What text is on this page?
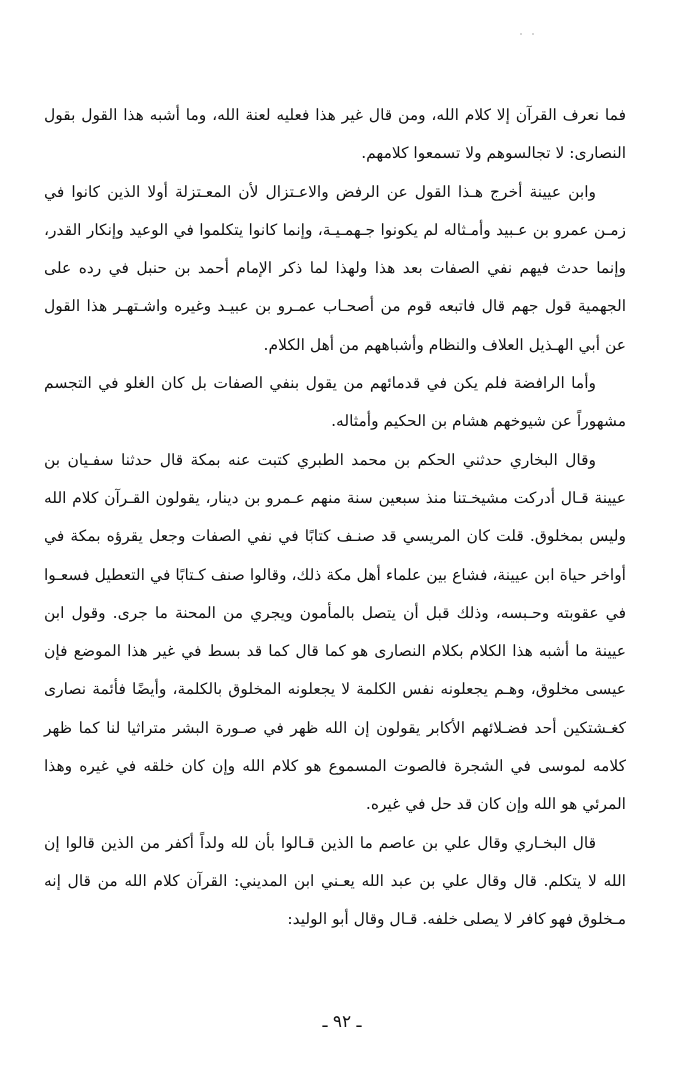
فما نعرف القرآن إلا كلام الله، ومن قال غير هذا فعليه لعنة الله، وما أشبه هذا القول بقول النصارى: لا تجالسوهم ولا تسمعوا كلامهم.

وابن عيينة أخرج هـذا القول عن الرفض والاعـتزال لأن المعـتزلة أولا الذين كانوا في زمـن عمرو بن عـبيد وأمـثاله لم يكونوا جـهمـيـة، وإنما كانوا يتكلموا في الوعيد وإنكار القدر، وإنما حدث فيهم نفي الصفات بعد هذا ولهذا لما ذكر الإمام أحمد بن حنبل في رده على الجهمية قول جهم قال فاتبعه قوم من أصحـاب عمـرو بن عبيـد وغيره واشـتهـر هذا القول عن أبي الهـذيل العلاف والنظام وأشباههم من أهل الكلام.

وأما الرافضة فلم يكن في قدمائهم من يقول بنفي الصفات بل كان الغلو في التجسم مشهوراً عن شيوخهم هشام بن الحكيم وأمثاله.

وقال البخاري حدثني الحكم بن محمد الطبري كتبت عنه بمكة قال حدثنا سفـيان بن عيينة قـال أدركت مشيخـتنا منذ سبعين سنة منهم عـمرو بن دينار، يقولون القـرآن كلام الله وليس بمخلوق. قلت كان المريسي قد صنـف كتابًا في نفي الصفات وجعل يقرؤه بمكة في أواخر حياة ابن عيينة، فشاع بين علماء أهل مكة ذلك، وقالوا صنف كـتابًا في التعطيل فسعـوا في عقوبته وحـبسه، وذلك قبل أن يتصل بالمأمون ويجري من المحنة ما جرى. وقول ابن عيينة ما أشبه هذا الكلام بكلام النصارى هو كما قال كما قد بسط في غير هذا الموضع فإن عيسى مخلوق، وهـم يجعلونه نفس الكلمة لا يجعلونه المخلوق بالكلمة، وأيضًا فأئمة نصارى كغـشتكين أحد فضـلائهم الأكابر يقولون إن الله ظهر في صـورة البشر متراثيا لنا كما ظهر كلامه لموسى في الشجرة فالصوت المسموع هو كلام الله وإن كان خلقه في غيره وهذا المرئي هو الله وإن كان قد حل في غيره.

قال البخـاري وقال علي بن عاصم ما الذين قـالوا بأن لله ولداً أكفر من الذين قالوا إن الله لا يتكلم. قال وقال علي بن عبد الله يعـني ابن المديني: القرآن كلام الله من قال إنه مـخلوق فهو كافر لا يصلى خلفه. قـال وقال أبو الوليد:

ـ ٩٢ ـ
